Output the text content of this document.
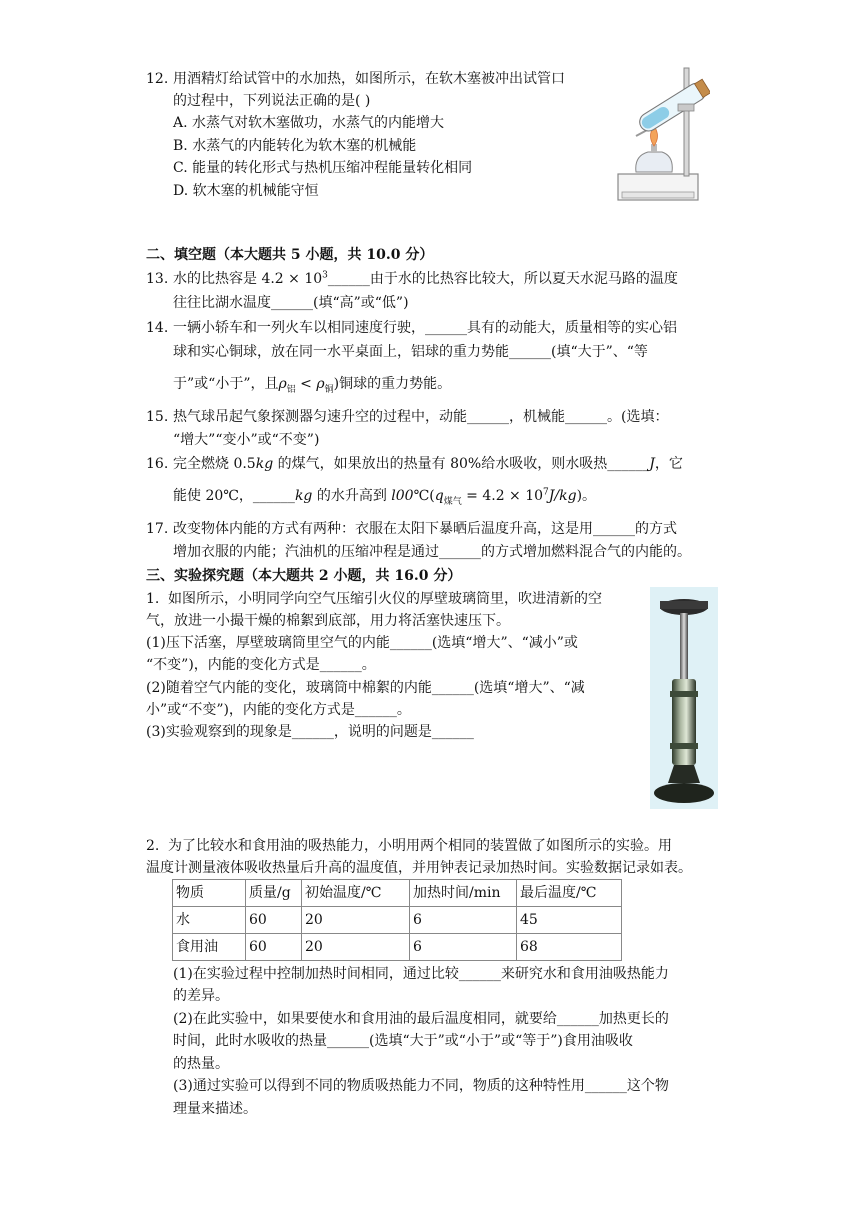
12. 用酒精灯给试管中的水加热，如图所示，在软木塞被冲出试管口
的过程中，下列说法正确的是( )
A. 水蒸气对软木塞做功，水蒸气的内能增大
B. 水蒸气的内能转化为软木塞的机械能
C. 能量的转化形式与热机压缩冲程能量转化相同
D. 软木塞的机械能守恒
二、填空题（本大题共 5 小题，共 10.0 分）
13. 水的比热容是 $4.2 \times 10^3\_\_\_\_\_\_$由于水的比热容比较大，所以夏天水泥马路的温度
往往比湖水温度______(填“高”或“低”)
14. 一辆小轿车和一列火车以相同速度行驶，______具有的动能大，质量相等的实心铝
球和实心铜球，放在同一水平桌面上，铝球的重力势能______(填“大于”、“等
于”或“小于”，且$\rho_铝 < \rho_铜$)铜球的重力势能。
15. 热气球吊起气象探测器匀速升空的过程中，动能______，机械能______。(选填：
“增大”“变小”或“不变”)
16. 完全燃烧 0.5kg 的煤气，如果放出的热量有 80%给水吸收，则水吸热______J，它
能使 20℃，______kg 的水升高到 $l00℃(q_{煤气} = 4.2 \times 10^7J/kg)$。
17. 改变物体内能的方式有两种：衣服在太阳下暴晒后温度升高，这是用______的方式
增加衣服的内能；汽油机的压缩冲程是通过______的方式增加燃料混合气的内能的。
三、实验探究题（本大题共 2 小题，共 16.0 分）
1. 如图所示，小明同学向空气压缩引火仪的厚壁玻璃筒里，吹进清新的空
气，放进一小撮干燥的棉絮到底部，用力将活塞快速压下。
(1)压下活塞，厚壁玻璃筒里空气的内能______(选填“增大”、“减小”或
“不变”)，内能的变化方式是______。
(2)随着空气内能的变化，玻璃筒中棉絮的内能______(选填“增大”、“减
小”或“不变”)，内能的变化方式是______。
(3)实验观察到的现象是______，说明的问题是______
2. 为了比较水和食用油的吸热能力，小明用两个相同的装置做了如图所示的实验。用
温度计测量液体吸收热量后升高的温度值，并用钟表记录加热时间。实验数据记录如表。
物质	质量/g	初始温度/℃	加热时间/min	最后温度/℃
水	60	20	6	45
食用油	60	20	6	68
(1)在实验过程中控制加热时间相同，通过比较______来研究水和食用油吸热能力
的差异。
(2)在此实验中，如果要使水和食用油的最后温度相同，就要给______加热更长的
时间，此时水吸收的热量______(选填“大于”或“小于”或“等于”)食用油吸收
的热量。
(3)通过实验可以得到不同的物质吸热能力不同，物质的这种特性用______这个物
理量来描述。
